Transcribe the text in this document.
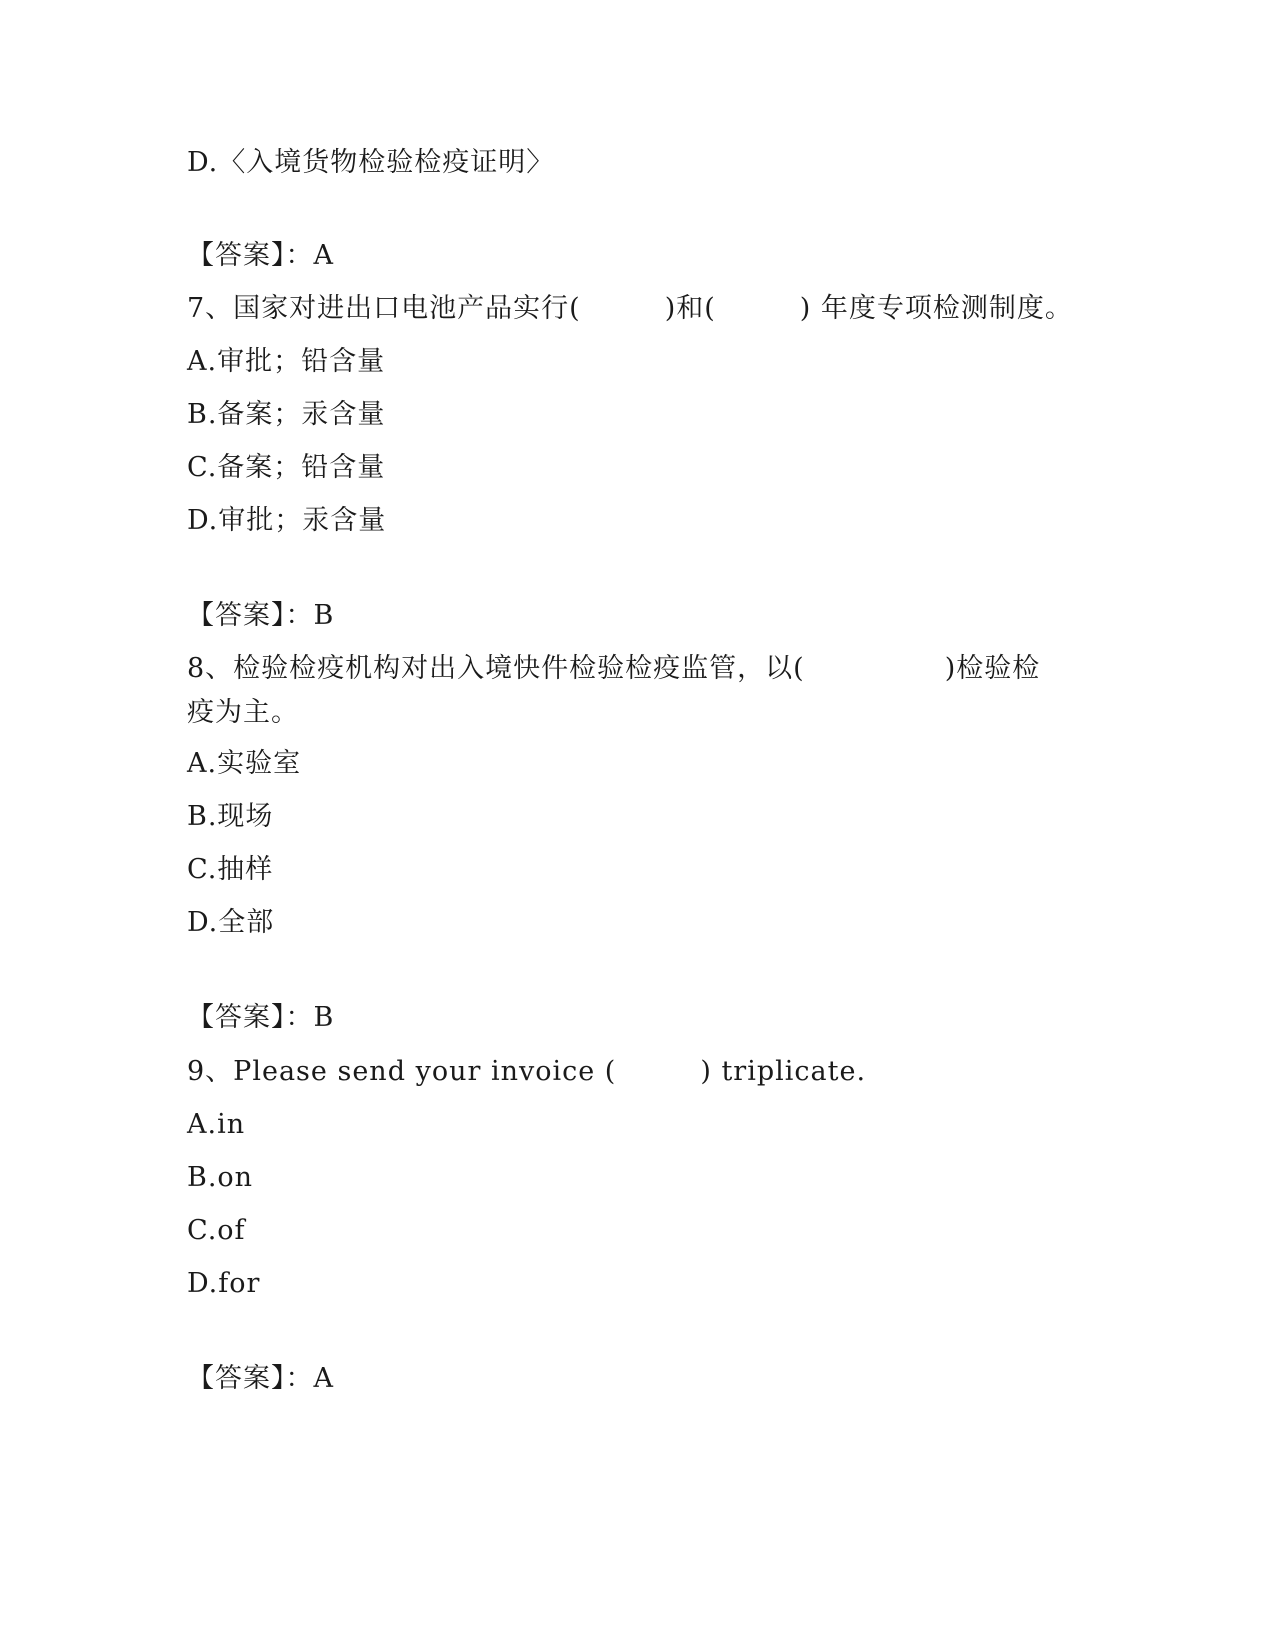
D.〈入境货物检验检疫证明〉
【答案】：A
7、国家对进出口电池产品实行(　　　)和(　　　) 年度专项检测制度。
A.审批；铅含量
B.备案；汞含量
C.备案；铅含量
D.审批；汞含量
【答案】：B
8、检验检疫机构对出入境快件检验检疫监管，以(　　　　　)检验检疫为主。
A.实验室
B.现场
C.抽样
D.全部
【答案】：B
9、Please send your invoice (　　　) triplicate.
A.in
B.on
C.of
D.for
【答案】：A
